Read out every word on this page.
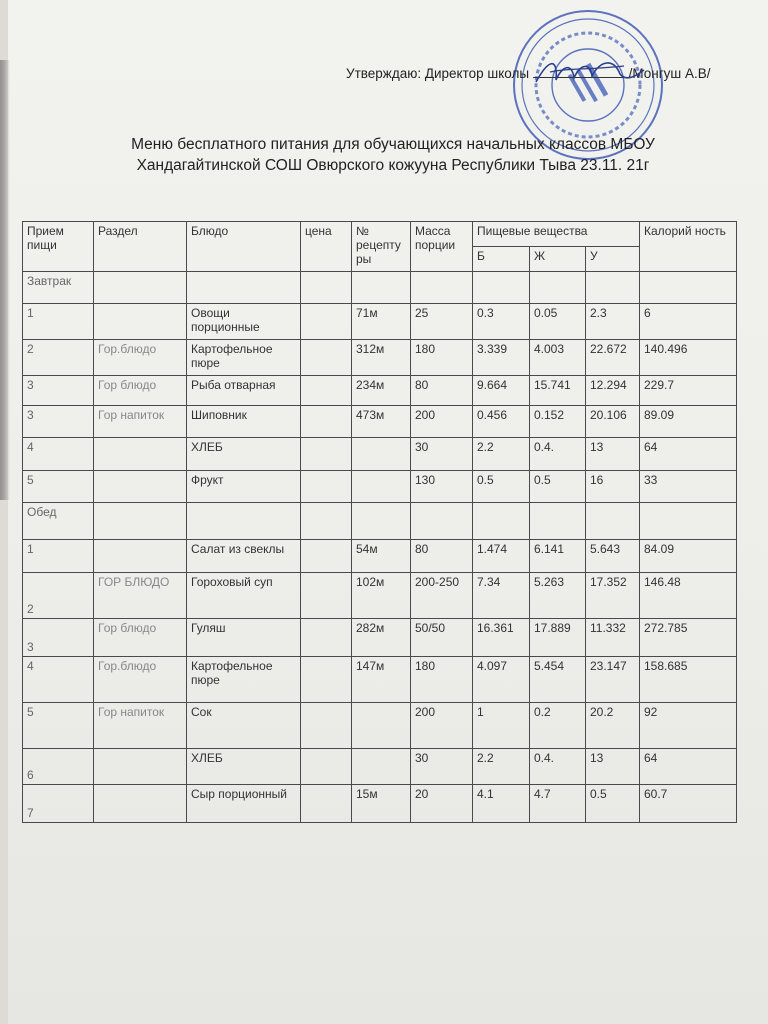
Утверждаю: Директор школы	/Монгуш А.В/
Меню бесплатного питания для обучающихся начальных классов МБОУ
Хандагайтинской СОШ Овюрского кожууна Республики Тыва 23.11. 21г
Прием пищи	Раздел	Блюдо	цена	№ рецепту ры	Масса порции	Пищевые вещества			Калорий ность
						Б	Ж	У	
Завтрак									
1		Овощи порционные		71м	25	0.3	0.05	2.3	6
2	Гор.блюдо	Картофельное пюре		312м	180	3.339	4.003	22.672	140.496
3	Гор блюдо	Рыба отварная		234м	80	9.664	15.741	12.294	229.7
3	Гор напиток	Шиповник		473м	200	0.456	0.152	20.106	89.09
4		ХЛЕБ			30	2.2	0.4.	13	64
5		Фрукт			130	0.5	0.5	16	33
Обед									
1		Салат из свеклы		54м	80	1.474	6.141	5.643	84.09
2	ГОР БЛЮДО	Гороховый суп		102м	200-250	7.34	5.263	17.352	146.48
3	Гор блюдо	Гуляш		282м	50/50	16.361	17.889	11.332	272.785
4	Гор.блюдо	Картофельное пюре		147м	180	4.097	5.454	23.147	158.685
5	Гор напиток	Сок			200	1	0.2	20.2	92
6		ХЛЕБ			30	2.2	0.4.	13	64
7		Сыр порционный		15м	20	4.1	4.7	0.5	60.7
